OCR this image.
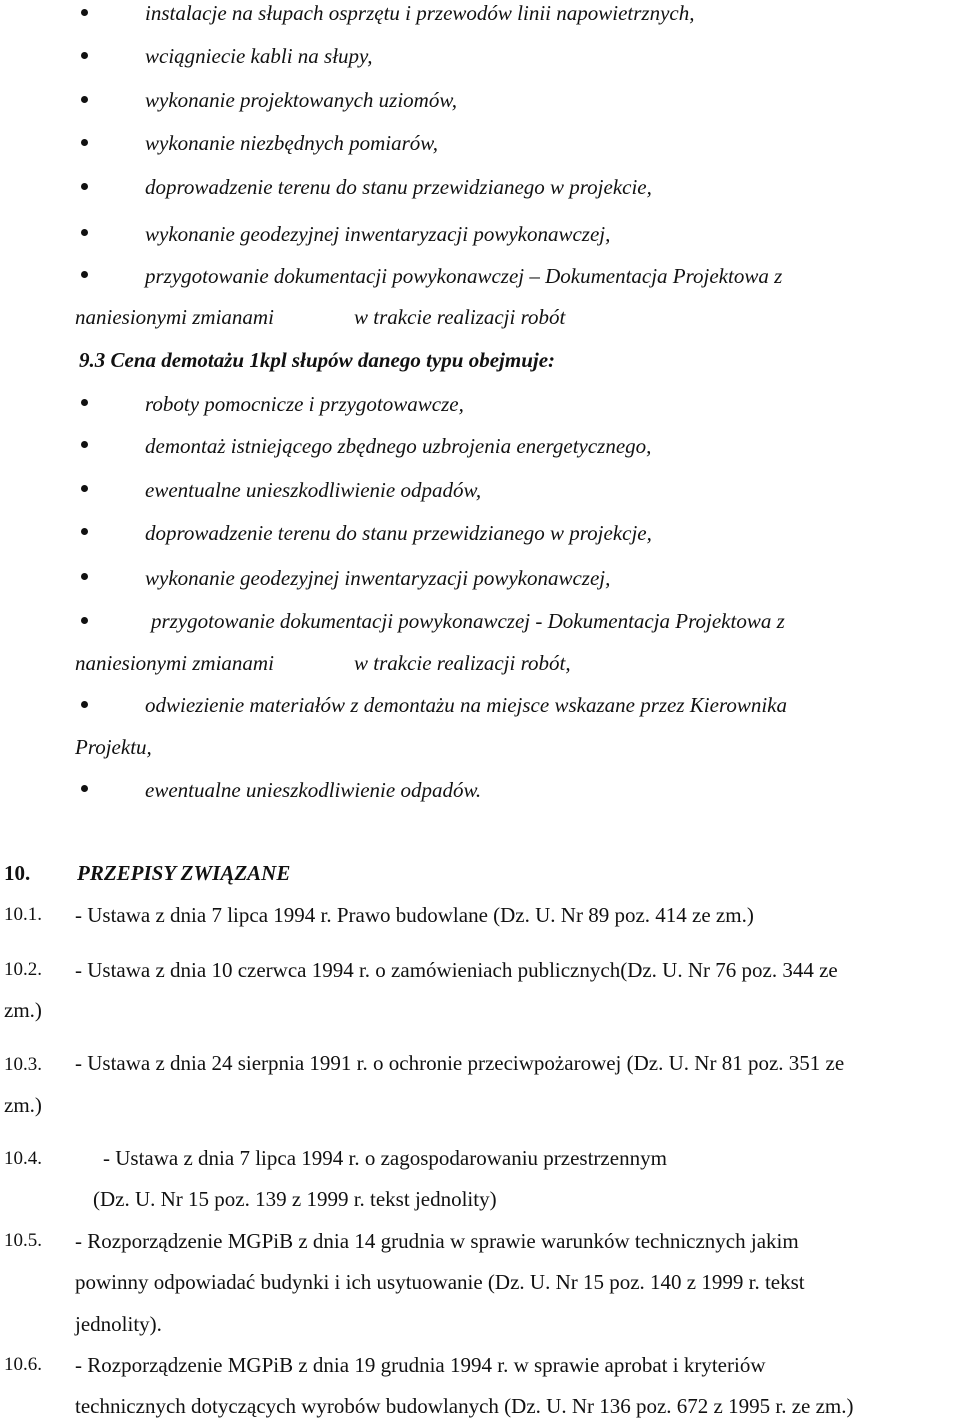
instalacje na słupach osprzętu i przewodów linii napowietrznych,
wciągniecie kabli na słupy,
wykonanie projektowanych uziomów,
wykonanie niezbędnych pomiarów,
doprowadzenie terenu do stanu przewidzianego w projekcie,
wykonanie geodezyjnej inwentaryzacji powykonawczej,
przygotowanie dokumentacji powykonawczej – Dokumentacja Projektowa z
naniesionymi zmianami	w trakcie realizacji robót
9.3 Cena demotażu 1kpl słupów danego typu obejmuje:
roboty pomocnicze i przygotowawcze,
demontaż istniejącego zbędnego uzbrojenia energetycznego,
ewentualne unieszkodliwienie odpadów,
doprowadzenie terenu do stanu przewidzianego w projekcje,
wykonanie geodezyjnej inwentaryzacji powykonawczej,
przygotowanie dokumentacji powykonawczej - Dokumentacja Projektowa z
naniesionymi zmianami	w trakcie realizacji robót,
odwiezienie materiałów z demontażu na miejsce wskazane przez Kierownika
Projektu,
ewentualne unieszkodliwienie odpadów.
10. PRZEPISY ZWIĄZANE
10.1. - Ustawa z dnia 7 lipca 1994 r. Prawo budowlane (Dz. U. Nr 89 poz. 414 ze zm.)
10.2. - Ustawa z dnia 10 czerwca 1994 r. o zamówieniach publicznych(Dz. U. Nr 76 poz. 344 ze
zm.)
10.3. - Ustawa z dnia 24 sierpnia 1991 r. o ochronie przeciwpożarowej (Dz. U. Nr 81 poz. 351 ze
zm.)
10.4.	- Ustawa z dnia 7 lipca 1994 r. o zagospodarowaniu przestrzennym
(Dz. U. Nr 15 poz. 139 z 1999 r. tekst jednolity)
10.5. - Rozporządzenie MGPiB z dnia 14 grudnia w sprawie warunków technicznych jakim
powinny odpowiadać budynki i ich usytuowanie (Dz. U. Nr 15 poz. 140 z 1999 r. tekst
jednolity).
10.6. - Rozporządzenie MGPiB z dnia 19 grudnia 1994 r. w sprawie aprobat i kryteriów
technicznych dotyczących wyrobów budowlanych (Dz. U. Nr 136 poz. 672 z 1995 r. ze zm.)
